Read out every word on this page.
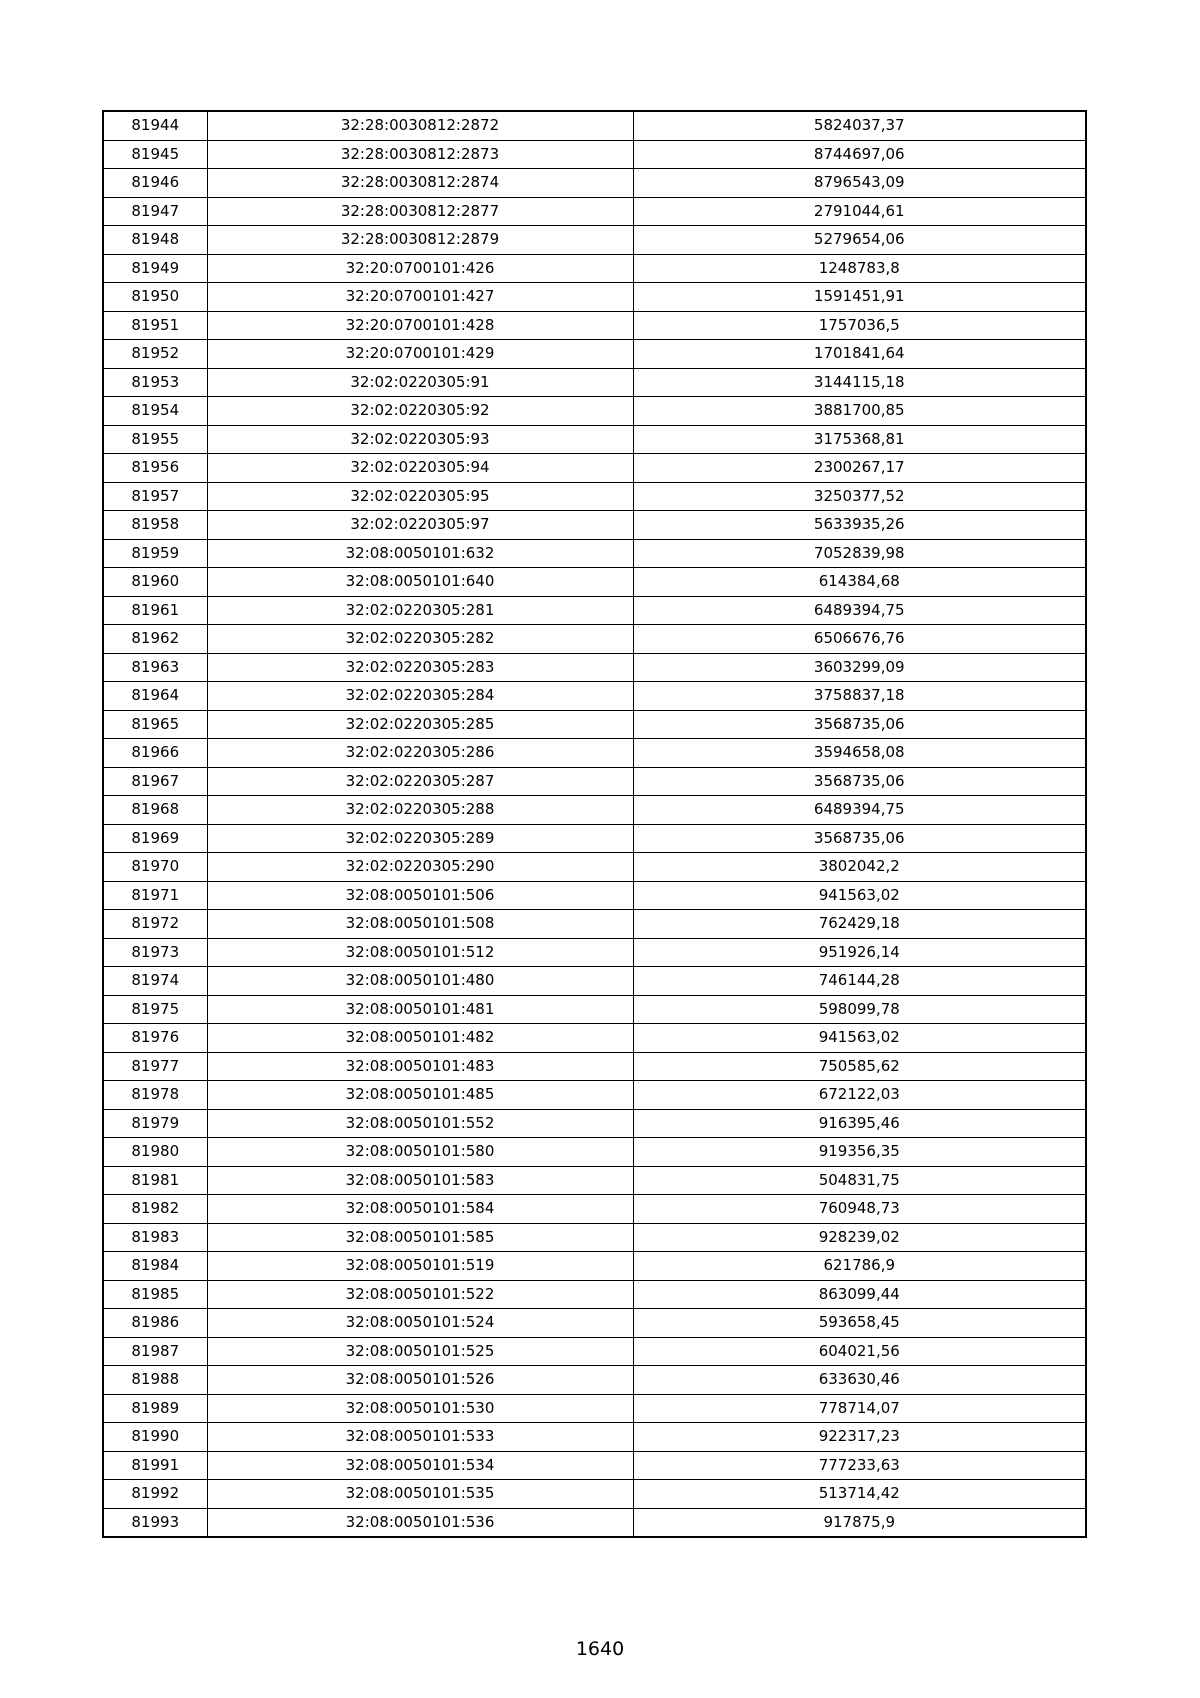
81944	32:28:0030812:2872	5824037,37
81945	32:28:0030812:2873	8744697,06
81946	32:28:0030812:2874	8796543,09
81947	32:28:0030812:2877	2791044,61
81948	32:28:0030812:2879	5279654,06
81949	32:20:0700101:426	1248783,8
81950	32:20:0700101:427	1591451,91
81951	32:20:0700101:428	1757036,5
81952	32:20:0700101:429	1701841,64
81953	32:02:0220305:91	3144115,18
81954	32:02:0220305:92	3881700,85
81955	32:02:0220305:93	3175368,81
81956	32:02:0220305:94	2300267,17
81957	32:02:0220305:95	3250377,52
81958	32:02:0220305:97	5633935,26
81959	32:08:0050101:632	7052839,98
81960	32:08:0050101:640	614384,68
81961	32:02:0220305:281	6489394,75
81962	32:02:0220305:282	6506676,76
81963	32:02:0220305:283	3603299,09
81964	32:02:0220305:284	3758837,18
81965	32:02:0220305:285	3568735,06
81966	32:02:0220305:286	3594658,08
81967	32:02:0220305:287	3568735,06
81968	32:02:0220305:288	6489394,75
81969	32:02:0220305:289	3568735,06
81970	32:02:0220305:290	3802042,2
81971	32:08:0050101:506	941563,02
81972	32:08:0050101:508	762429,18
81973	32:08:0050101:512	951926,14
81974	32:08:0050101:480	746144,28
81975	32:08:0050101:481	598099,78
81976	32:08:0050101:482	941563,02
81977	32:08:0050101:483	750585,62
81978	32:08:0050101:485	672122,03
81979	32:08:0050101:552	916395,46
81980	32:08:0050101:580	919356,35
81981	32:08:0050101:583	504831,75
81982	32:08:0050101:584	760948,73
81983	32:08:0050101:585	928239,02
81984	32:08:0050101:519	621786,9
81985	32:08:0050101:522	863099,44
81986	32:08:0050101:524	593658,45
81987	32:08:0050101:525	604021,56
81988	32:08:0050101:526	633630,46
81989	32:08:0050101:530	778714,07
81990	32:08:0050101:533	922317,23
81991	32:08:0050101:534	777233,63
81992	32:08:0050101:535	513714,42
81993	32:08:0050101:536	917875,9
1640
